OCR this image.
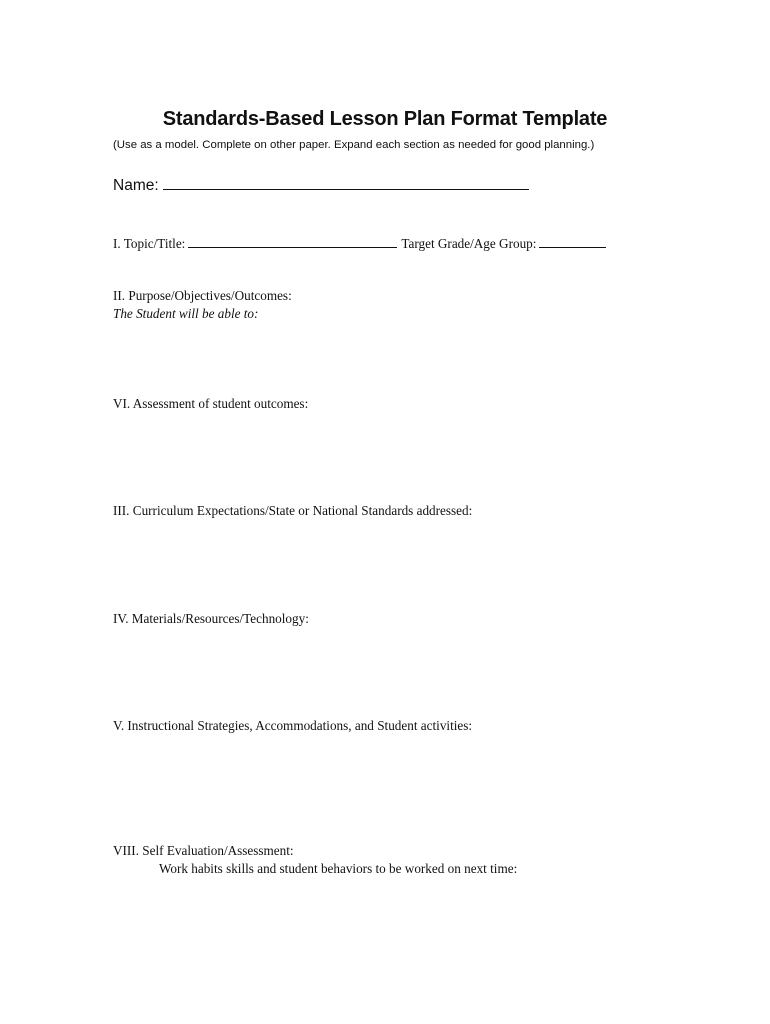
Standards-Based Lesson Plan Format Template
(Use as a model. Complete on other paper. Expand each section as needed for good planning.)
Name:
I. Topic/Title:	Target Grade/Age Group:
II. Purpose/Objectives/Outcomes:
The Student will be able to:
VI. Assessment of student outcomes:
III. Curriculum Expectations/State or National Standards addressed:
IV. Materials/Resources/Technology:
V. Instructional Strategies, Accommodations, and Student activities:
VIII. Self Evaluation/Assessment:
Work habits skills and student behaviors to be worked on next time:
